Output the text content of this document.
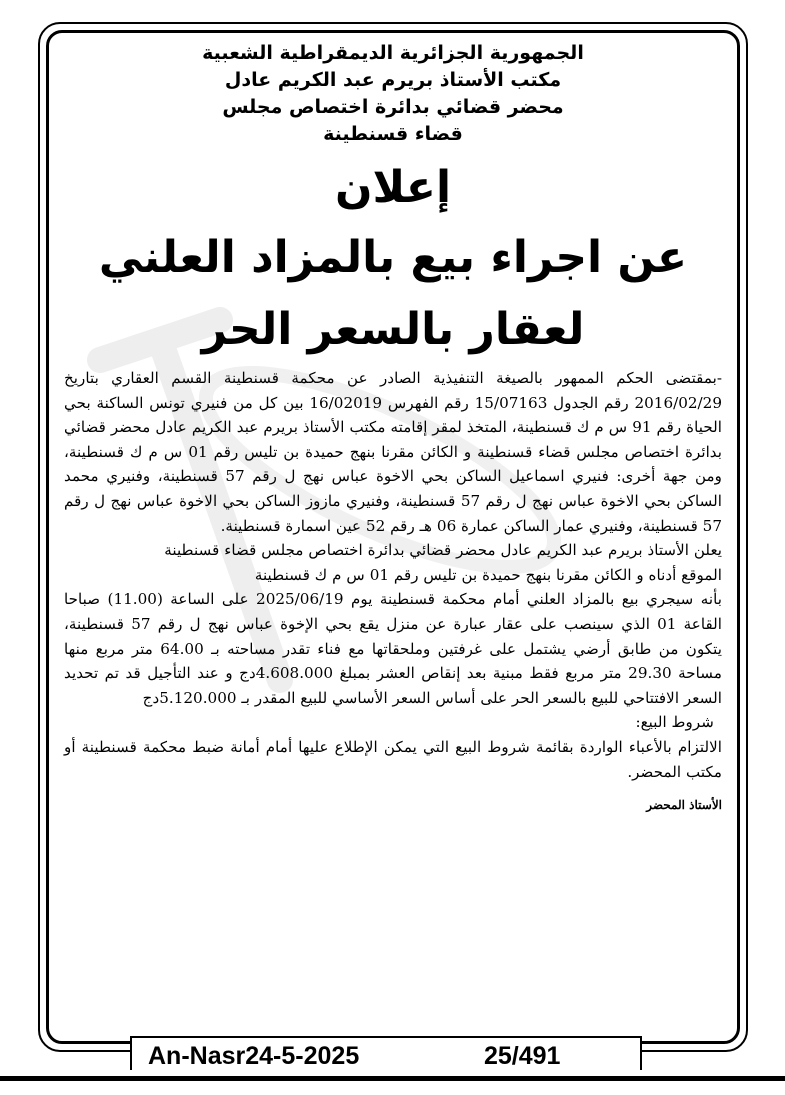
الجمهورية الجزائرية الديمقراطية الشعبية

مكتب الأستاذ بريرم عبد الكريم عادل

محضر قضائي بدائرة اختصاص مجلس

قضاء قسنطينة

إعلان

عن اجراء بيع بالمزاد العلني

لعقار بالسعر الحر

-بمقتضى الحكم الممهور بالصيغة التنفيذية الصادر عن محكمة قسنطينة القسم العقاري بتاريخ 2016/02/29 رقم الجدول 15/07163 رقم الفهرس 16/02019 بين كل من فنيري تونس الساكنة بحي الحياة رقم 91 س م ك قسنطينة، المتخذ لمقر إقامته مكتب الأستاذ بريرم عبد الكريم عادل محضر قضائي بدائرة اختصاص مجلس قضاء قسنطينة و الكائن مقرنا بنهج حميدة بن تليس رقم 01 س م ك قسنطينة، ومن جهة أخرى: فنيري اسماعيل الساكن بحي الاخوة عباس نهج ل رقم 57 قسنطينة، وفنيري محمد الساكن بحي الاخوة عباس نهج ل رقم 57 قسنطينة، وفنيري مازوز الساكن بحي الاخوة عباس نهج ل رقم 57 قسنطينة، وفنيري عمار الساكن عمارة 06 هـ رقم 52 عين اسمارة قسنطينة.

يعلن الأستاذ بريرم عبد الكريم عادل محضر قضائي بدائرة اختصاص مجلس قضاء قسنطينة

الموقع أدناه و الكائن مقرنا بنهج حميدة بن تليس رقم 01 س م ك قسنطينة

بأنه سيجري بيع بالمزاد العلني أمام محكمة قسنطينة يوم 2025/06/19 على الساعة (11.00) صباحا القاعة 01 الذي سينصب على عقار عبارة عن منزل يقع بحي الإخوة عباس نهج ل رقم 57 قسنطينة، يتكون من طابق أرضي يشتمل على غرفتين وملحقاتها مع فناء تقدر مساحته بـ 64.00 متر مربع منها مساحة 29.30 متر مربع فقط مبنية بعد إنقاص العشر بمبلغ 4.608.000دج و عند التأجيل قد تم تحديد السعر الافتتاحي للبيع بالسعر الحر على أساس السعر الأساسي للبيع المقدر بـ 5.120.000دج

شروط البيع:

الالتزام بالأعباء الواردة بقائمة شروط البيع التي يمكن الإطلاع عليها أمام أمانة ضبط محكمة قسنطينة أو مكتب المحضر.

الأستاذ المحضر
An-Nasr24-5-2025	25/491
